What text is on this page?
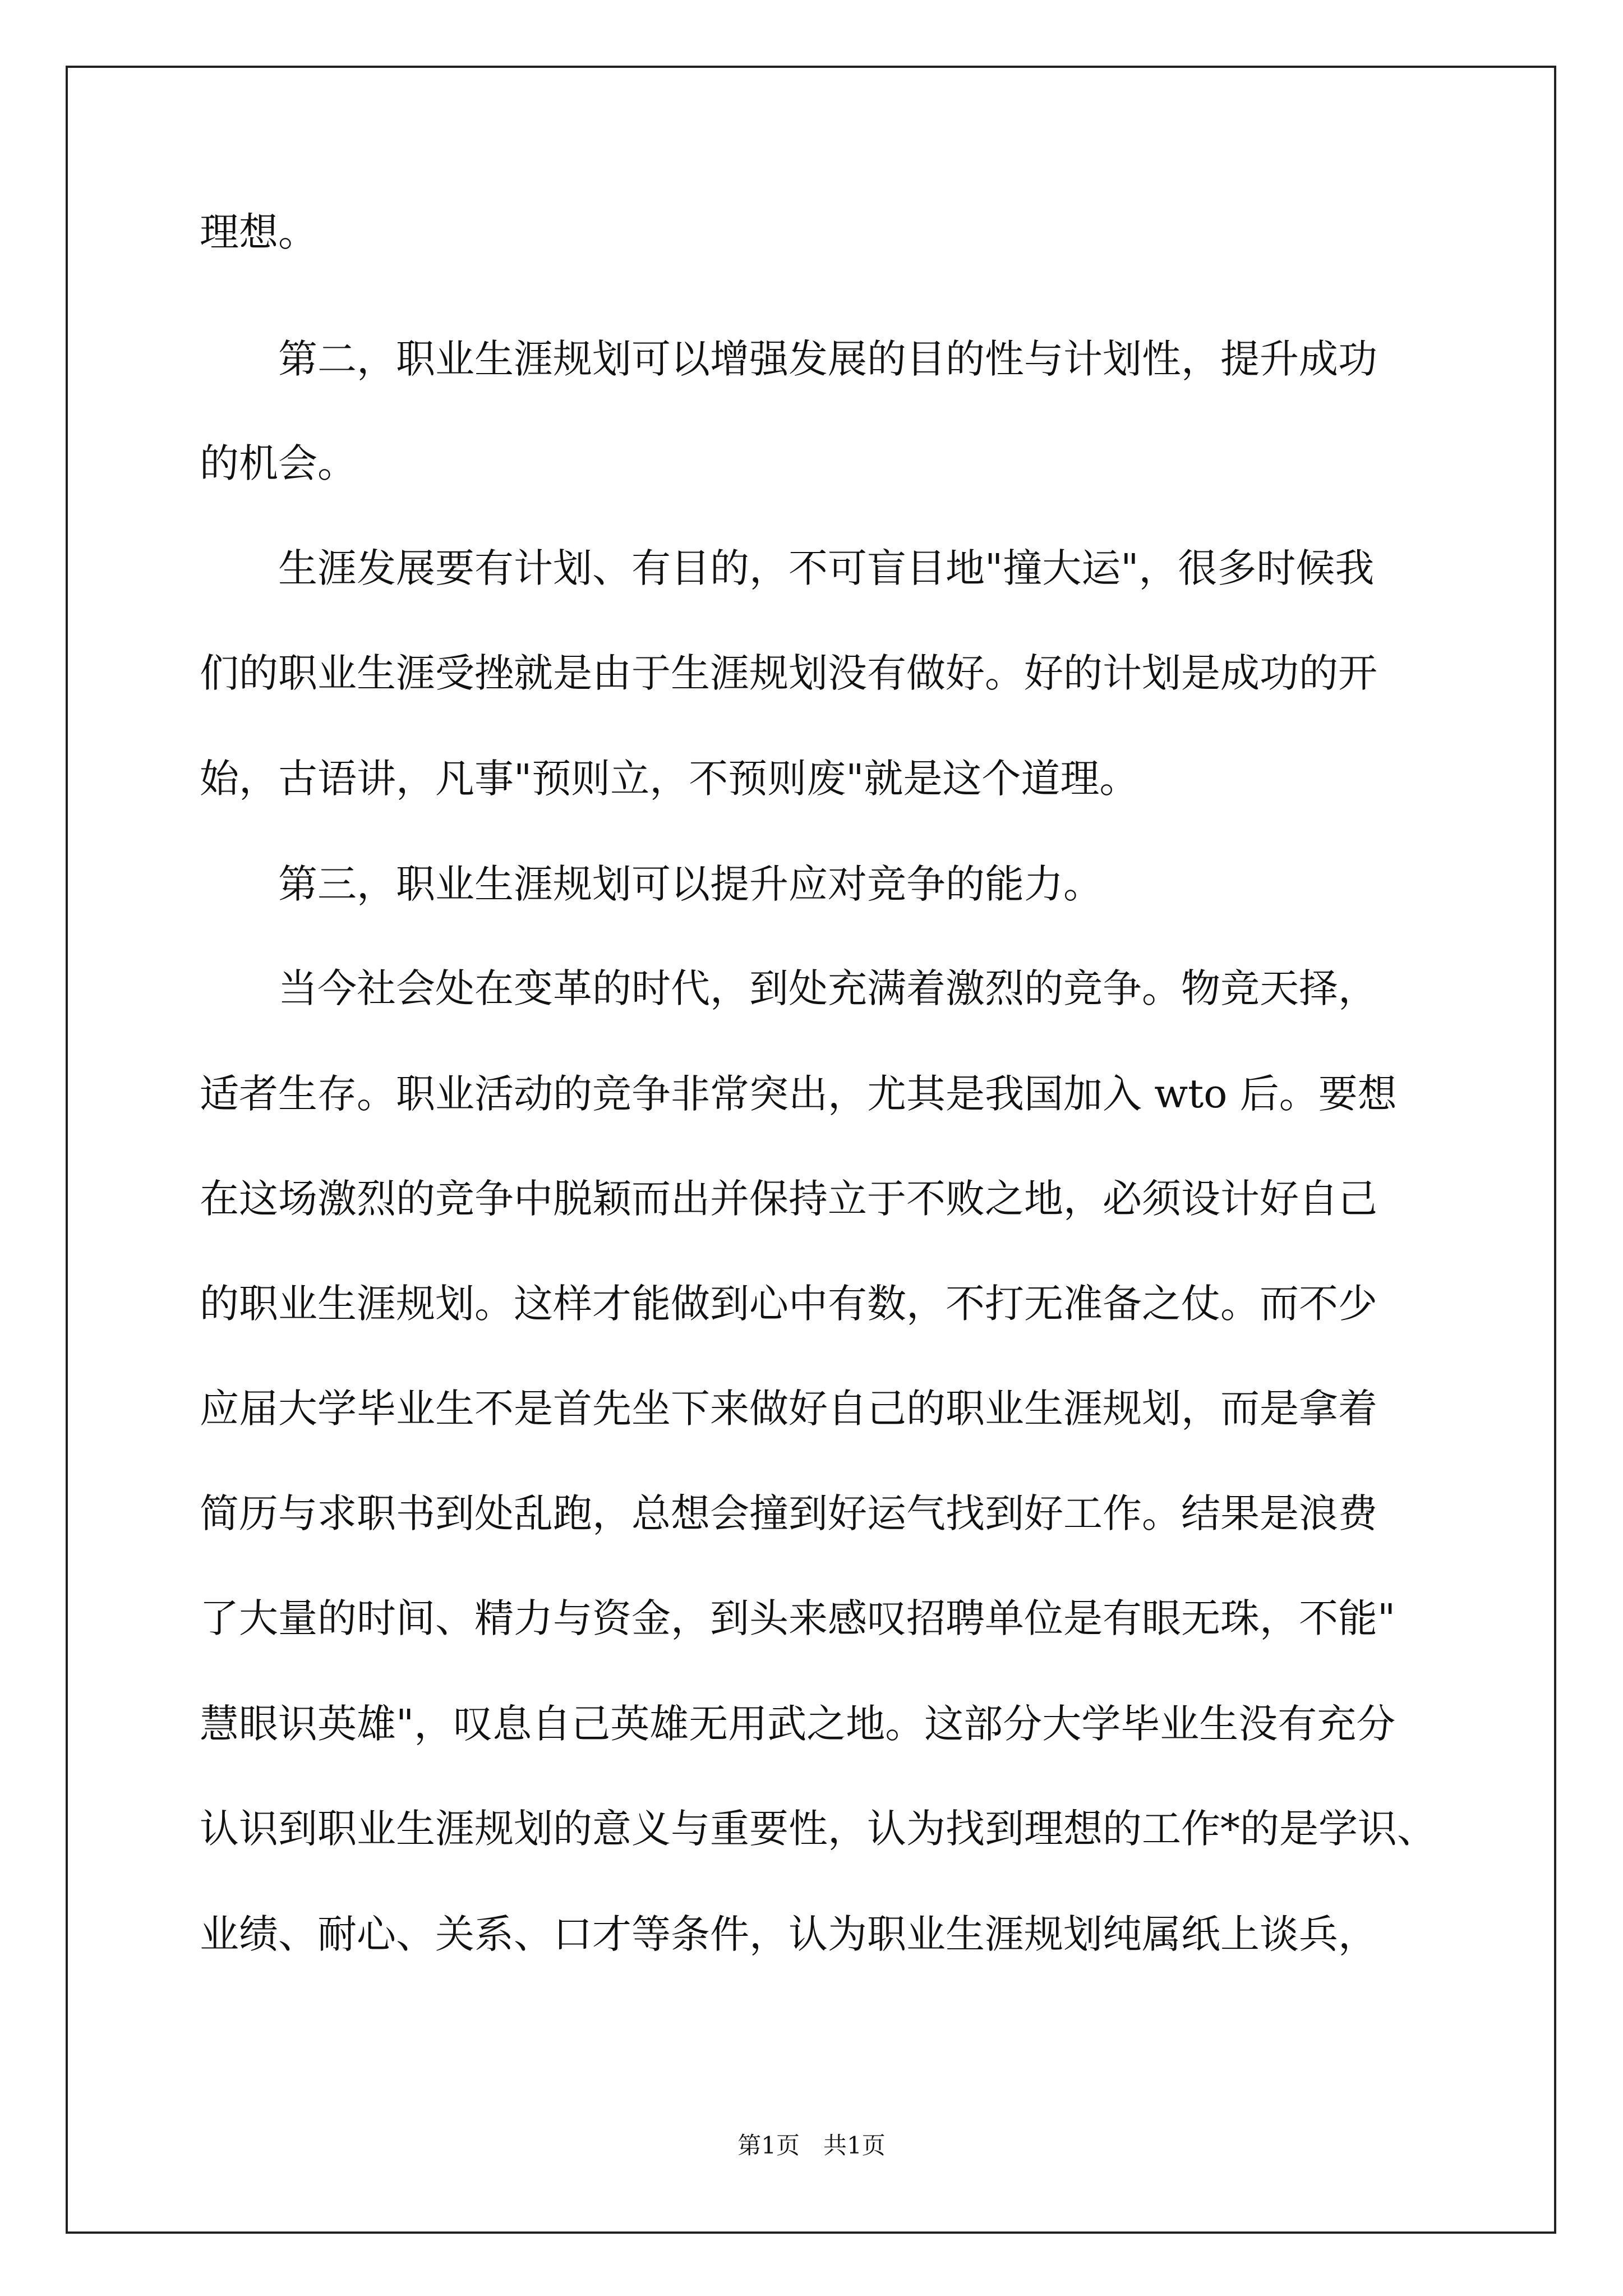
理想。
　　第二，职业生涯规划可以增强发展的目的性与计划性，提升成功
的机会。
　　生涯发展要有计划、有目的，不可盲目地"撞大运"，很多时候我
们的职业生涯受挫就是由于生涯规划没有做好。好的计划是成功的开
始，古语讲，凡事"预则立，不预则废"就是这个道理。
　　第三，职业生涯规划可以提升应对竞争的能力。
　　当今社会处在变革的时代，到处充满着激烈的竞争。物竞天择，
适者生存。职业活动的竞争非常突出，尤其是我国加入 wto 后。要想
在这场激烈的竞争中脱颖而出并保持立于不败之地，必须设计好自己
的职业生涯规划。这样才能做到心中有数，不打无准备之仗。而不少
应届大学毕业生不是首先坐下来做好自己的职业生涯规划，而是拿着
简历与求职书到处乱跑，总想会撞到好运气找到好工作。结果是浪费
了大量的时间、精力与资金，到头来感叹招聘单位是有眼无珠，不能"
慧眼识英雄"，叹息自己英雄无用武之地。这部分大学毕业生没有充分
认识到职业生涯规划的意义与重要性，认为找到理想的工作*的是学识、
业绩、耐心、关系、口才等条件，认为职业生涯规划纯属纸上谈兵，
第1页　共1页
